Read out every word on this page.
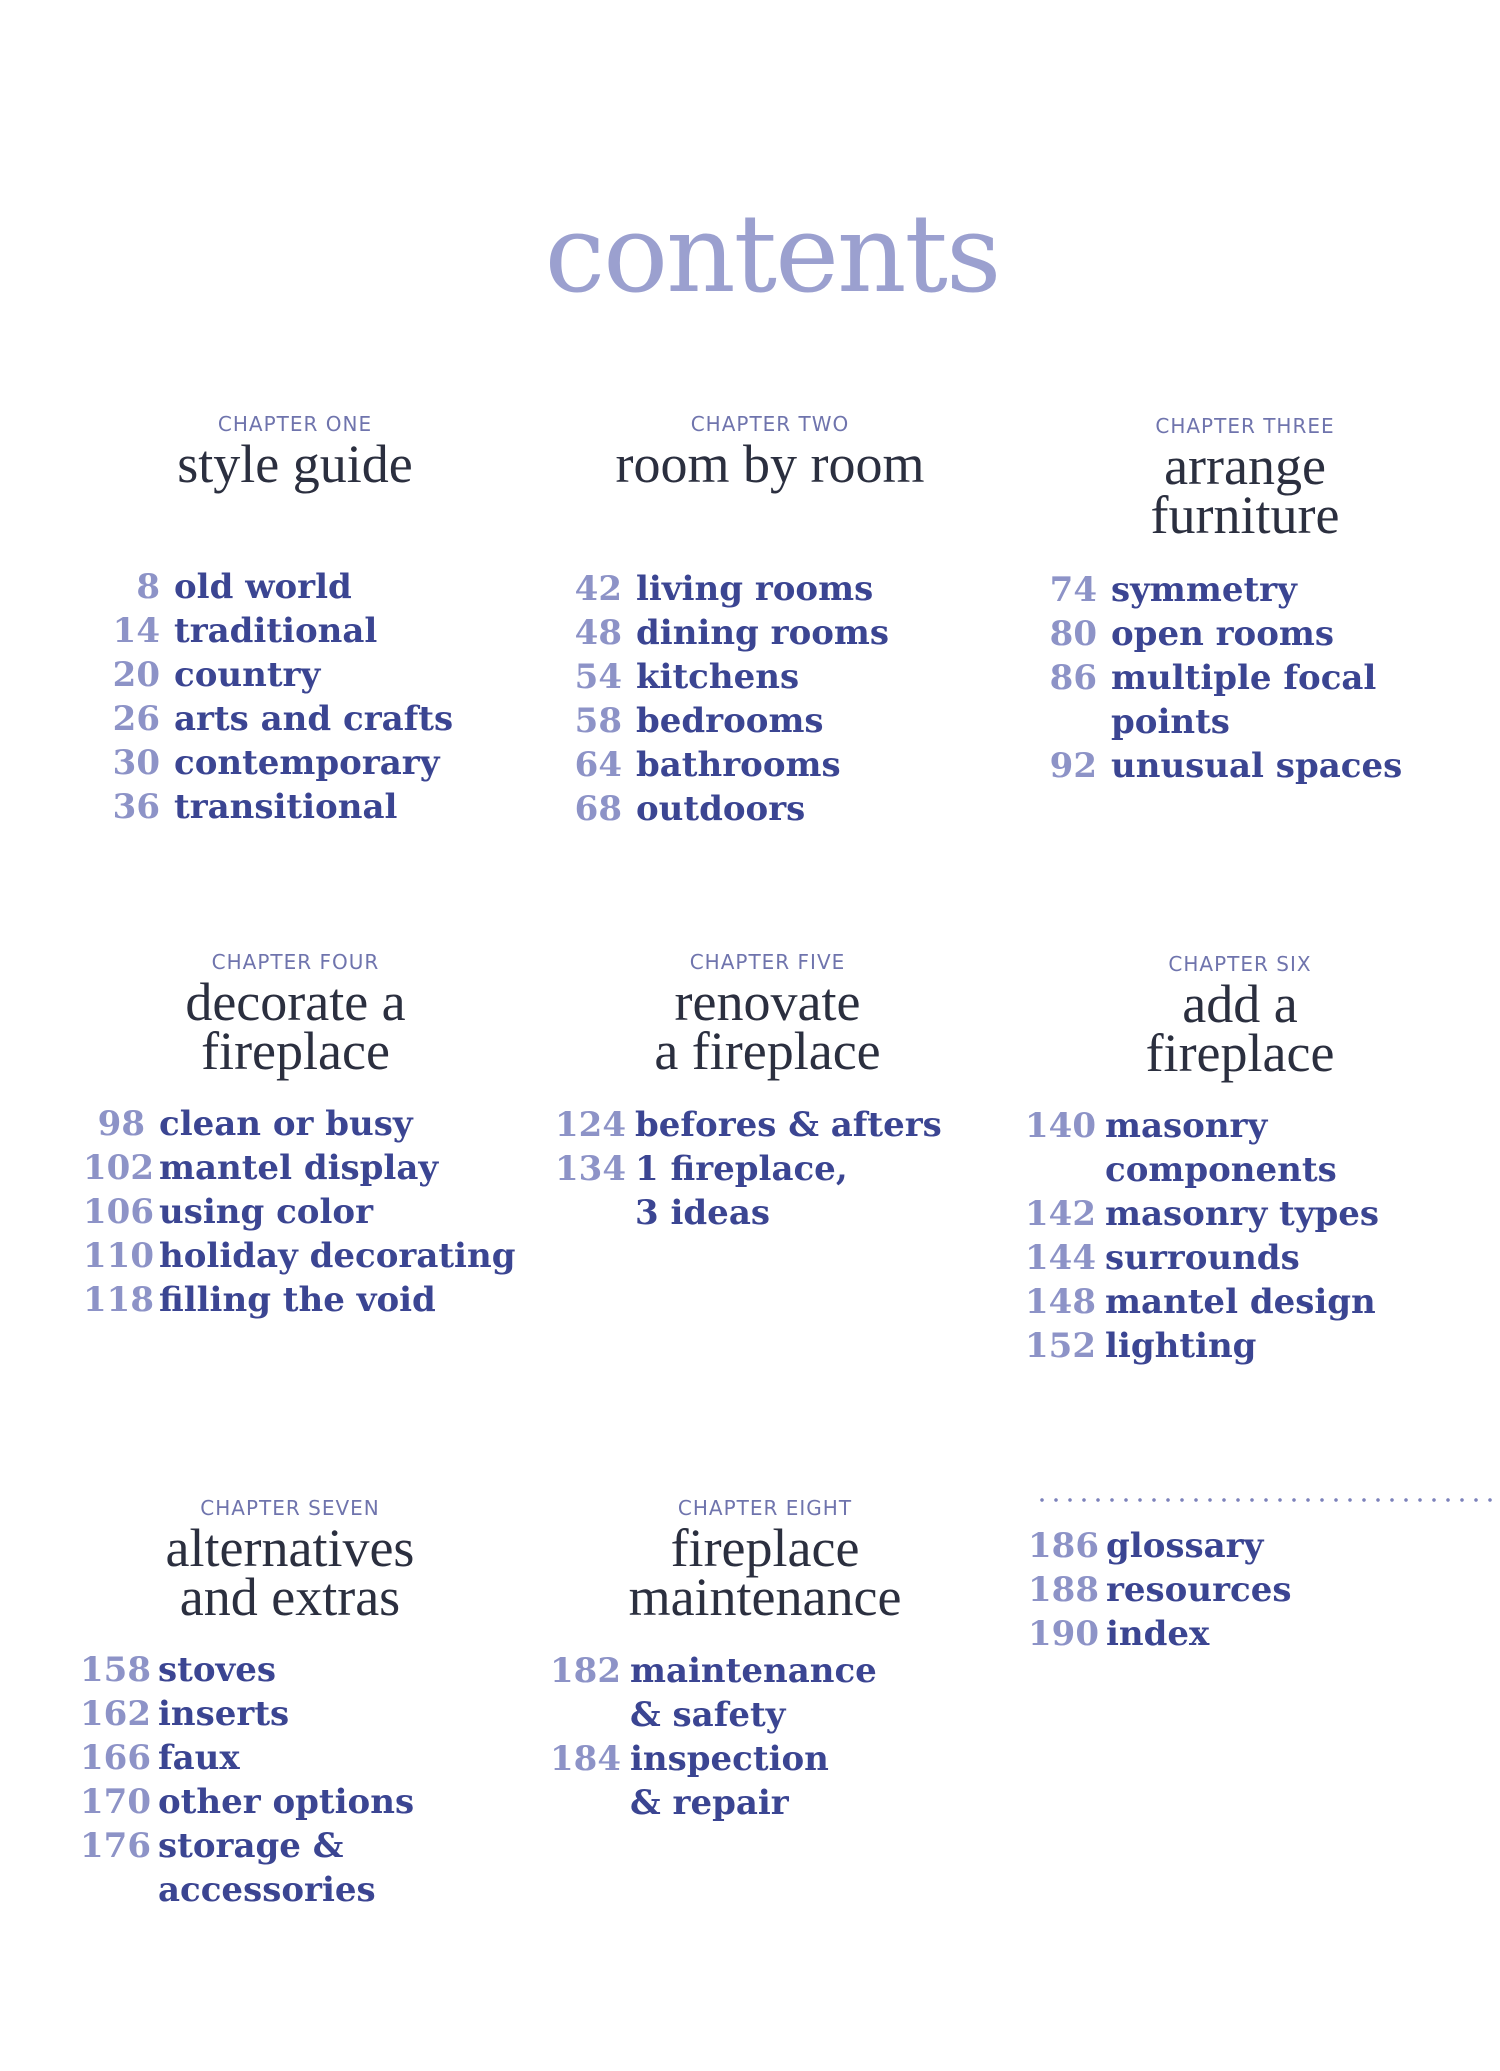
contents
CHAPTER ONE
style guide
8 old world
14 traditional
20 country
26 arts and crafts
30 contemporary
36 transitional
CHAPTER TWO
room by room
42 living rooms
48 dining rooms
54 kitchens
58 bedrooms
64 bathrooms
68 outdoors
CHAPTER THREE
arrange
furniture
74 symmetry
80 open rooms
86 multiple focal
points
92 unusual spaces
CHAPTER FOUR
decorate a
fireplace
98 clean or busy
102 mantel display
106 using color
110 holiday decorating
118 filling the void
CHAPTER FIVE
renovate
a fireplace
124 befores & afters
134 1 fireplace,
3 ideas
CHAPTER SIX
add a
fireplace
140 masonry
components
142 masonry types
144 surrounds
148 mantel design
152 lighting
CHAPTER SEVEN
alternatives
and extras
158 stoves
162 inserts
166 faux
170 other options
176 storage &
accessories
CHAPTER EIGHT
fireplace
maintenance
182 maintenance
& safety
184 inspection
& repair
186 glossary
188 resources
190 index
